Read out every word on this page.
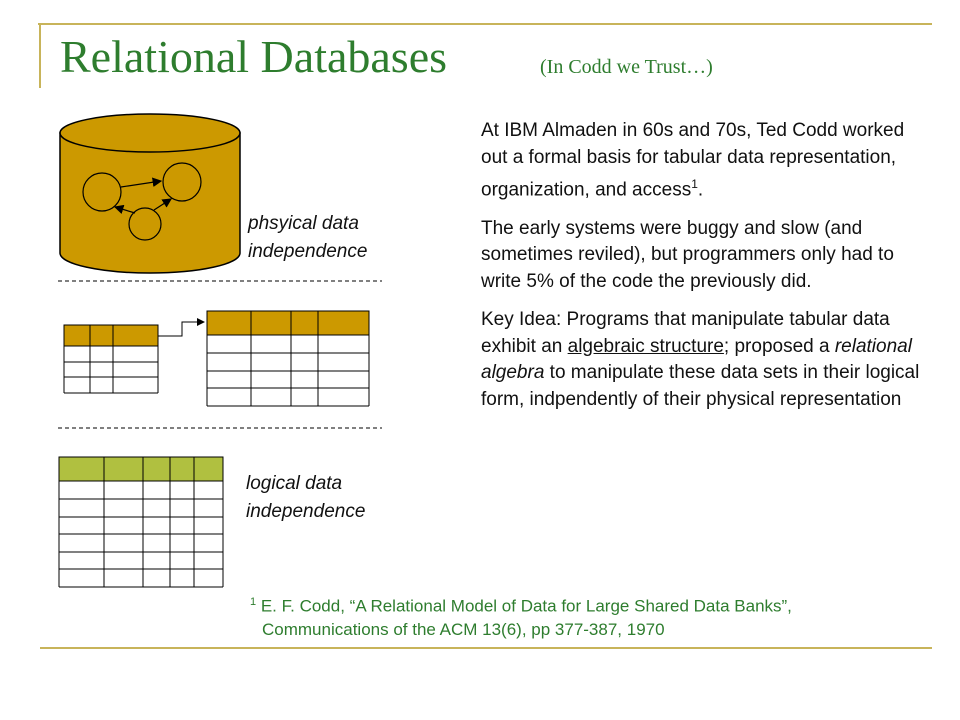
Relational Databases	(In Codd we Trust…)
phsyical data
independence
logical data
independence

At IBM Almaden in 60s and 70s, Ted Codd worked out a formal basis for tabular data representation, organization, and access$^1$.

The early systems were buggy and slow (and sometimes reviled), but programmers only had to write 5% of the code the previously did.

Key Idea: Programs that manipulate tabular data exhibit an algebraic structure; proposed a relational algebra to manipulate these data sets in their logical form, indpendently of their physical representation

$^1$ E. F. Codd, “A Relational Model of Data for Large Shared Data Banks”,
Communications of the ACM 13(6), pp 377-387, 1970
